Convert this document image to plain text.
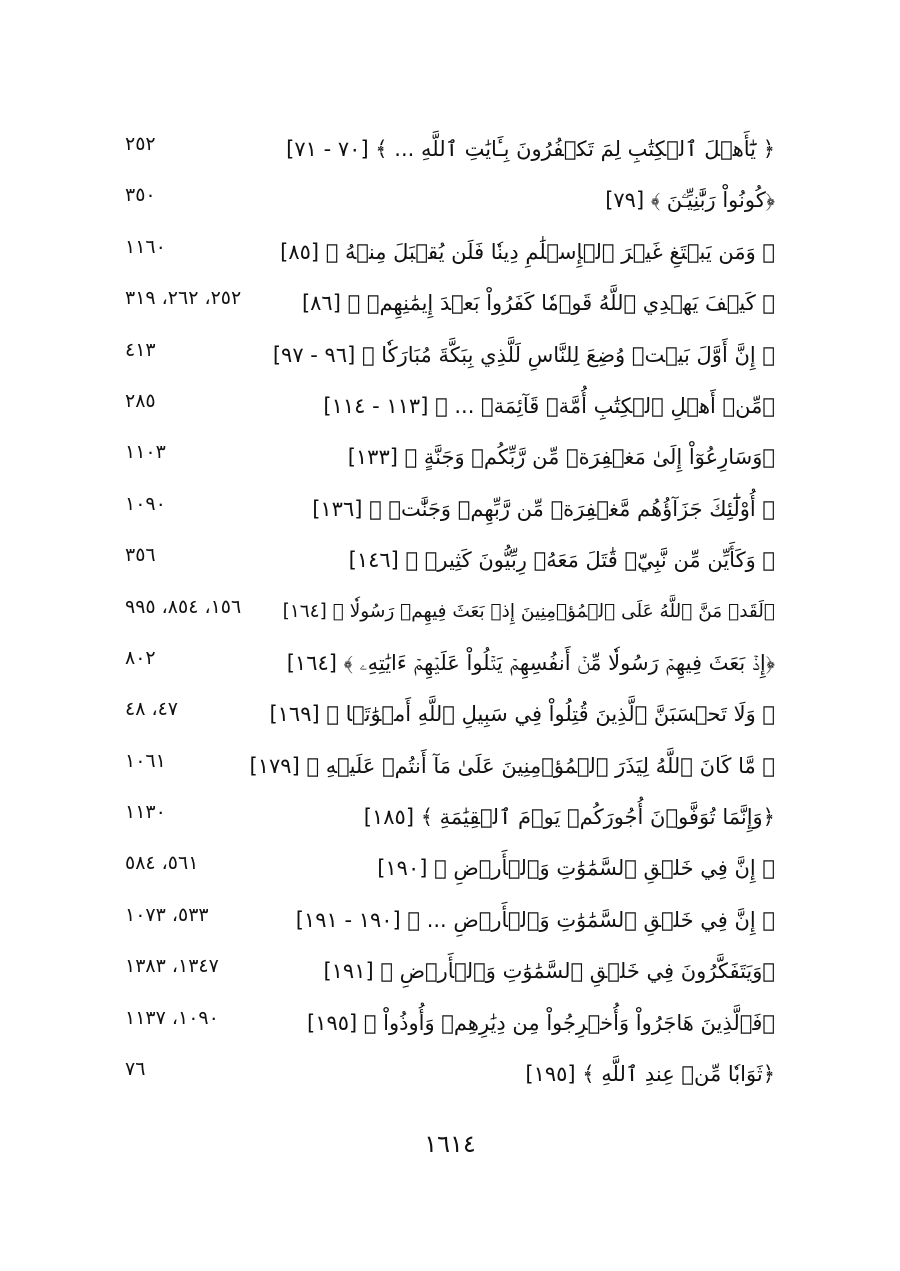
﴿ يَٰٓأَهۡلَ ٱلۡكِتَٰبِ لِمَ تَكۡفُرُونَ بِـَٔايَٰتِ ٱللَّهِ ... ﴾ [٧٠ - ٧١]
٢٥٢
﴿كُونُواْ رَبَّٰنِيِّـۧنَ ﴾ [٧٩]
٣٥٠
﴿ وَمَن يَبۡتَغِ غَيۡرَ ٱلۡإِسۡلَٰمِ دِينٗا فَلَن يُقۡبَلَ مِنۡهُ ﴾ [٨٥]
١١٦٠
﴿ كَيۡفَ يَهۡدِي ٱللَّهُ قَوۡمٗا كَفَرُواْ بَعۡدَ إِيمَٰنِهِمۡ ﴾ [٨٦]
٢٥٢، ٢٦٢، ٣١٩
﴿ إِنَّ أَوَّلَ بَيۡتٖ وُضِعَ لِلنَّاسِ لَلَّذِي بِبَكَّةَ مُبَارَكٗا ﴾ [٩٦ - ٩٧]
٤١٣
﴿مِّنۡ أَهۡلِ ٱلۡكِتَٰبِ أُمَّةٞ قَآئِمَةٞ ... ﴾ [١١٣ - ١١٤]
٢٨٥
﴿وَسَارِعُوٓاْ إِلَىٰ مَغۡفِرَةٖ مِّن رَّبِّكُمۡ وَجَنَّةٍ ﴾ [١٣٣]
١١٠٣
﴿ أُوْلَٰٓئِكَ جَزَآؤُهُم مَّغۡفِرَةٞ مِّن رَّبِّهِمۡ وَجَنَّٰتٞ ﴾ [١٣٦]
١٠٩٠
﴿ وَكَأَيِّن مِّن نَّبِيّٖ قَٰتَلَ مَعَهُۥ رِبِّيُّونَ كَثِيرٞ ﴾ [١٤٦]
٣٥٦
﴿لَقَدۡ مَنَّ ٱللَّهُ عَلَى ٱلۡمُؤۡمِنِينَ إِذۡ بَعَثَ فِيهِمۡ رَسُولٗا ﴾ [١٦٤]
١٥٦، ٨٥٤، ٩٩٥
﴿إِذۡ بَعَثَ فِيهِمۡ رَسُولٗا مِّنۡ أَنفُسِهِمۡ يَتۡلُواْ عَلَيۡهِمۡ ءَايَٰتِهِۦ ﴾ [١٦٤]
٨٠٢
﴿ وَلَا تَحۡسَبَنَّ ٱلَّذِينَ قُتِلُواْ فِي سَبِيلِ ٱللَّهِ أَمۡوَٰتَۢا ﴾ [١٦٩]
٤٧، ٤٨
﴿ مَّا كَانَ ٱللَّهُ لِيَذَرَ ٱلۡمُؤۡمِنِينَ عَلَىٰ مَآ أَنتُمۡ عَلَيۡهِ ﴾ [١٧٩]
١٠٦١
﴿وَإِنَّمَا تُوَفَّوۡنَ أُجُورَكُمۡ يَوۡمَ ٱلۡقِيَٰمَةِ ﴾ [١٨٥]
١١٣٠
﴿ إِنَّ فِي خَلۡقِ ٱلسَّمَٰوَٰتِ وَٱلۡأَرۡضِ ﴾ [١٩٠]
٥٦١، ٥٨٤
﴿ إِنَّ فِي خَلۡقِ ٱلسَّمَٰوَٰتِ وَٱلۡأَرۡضِ ... ﴾ [١٩٠ - ١٩١]
٥٣٣، ١٠٧٣
﴿وَيَتَفَكَّرُونَ فِي خَلۡقِ ٱلسَّمَٰوَٰتِ وَٱلۡأَرۡضِ ﴾ [١٩١]
١٣٤٧، ١٣٨٣
﴿فَٱلَّذِينَ هَاجَرُواْ وَأُخۡرِجُواْ مِن دِيَٰرِهِمۡ وَأُوذُواْ ﴾ [١٩٥]
١٠٩٠، ١١٣٧
﴿ثَوَابٗا مِّنۡ عِندِ ٱللَّهِ ﴾ [١٩٥]
٧٦
١٦١٤
